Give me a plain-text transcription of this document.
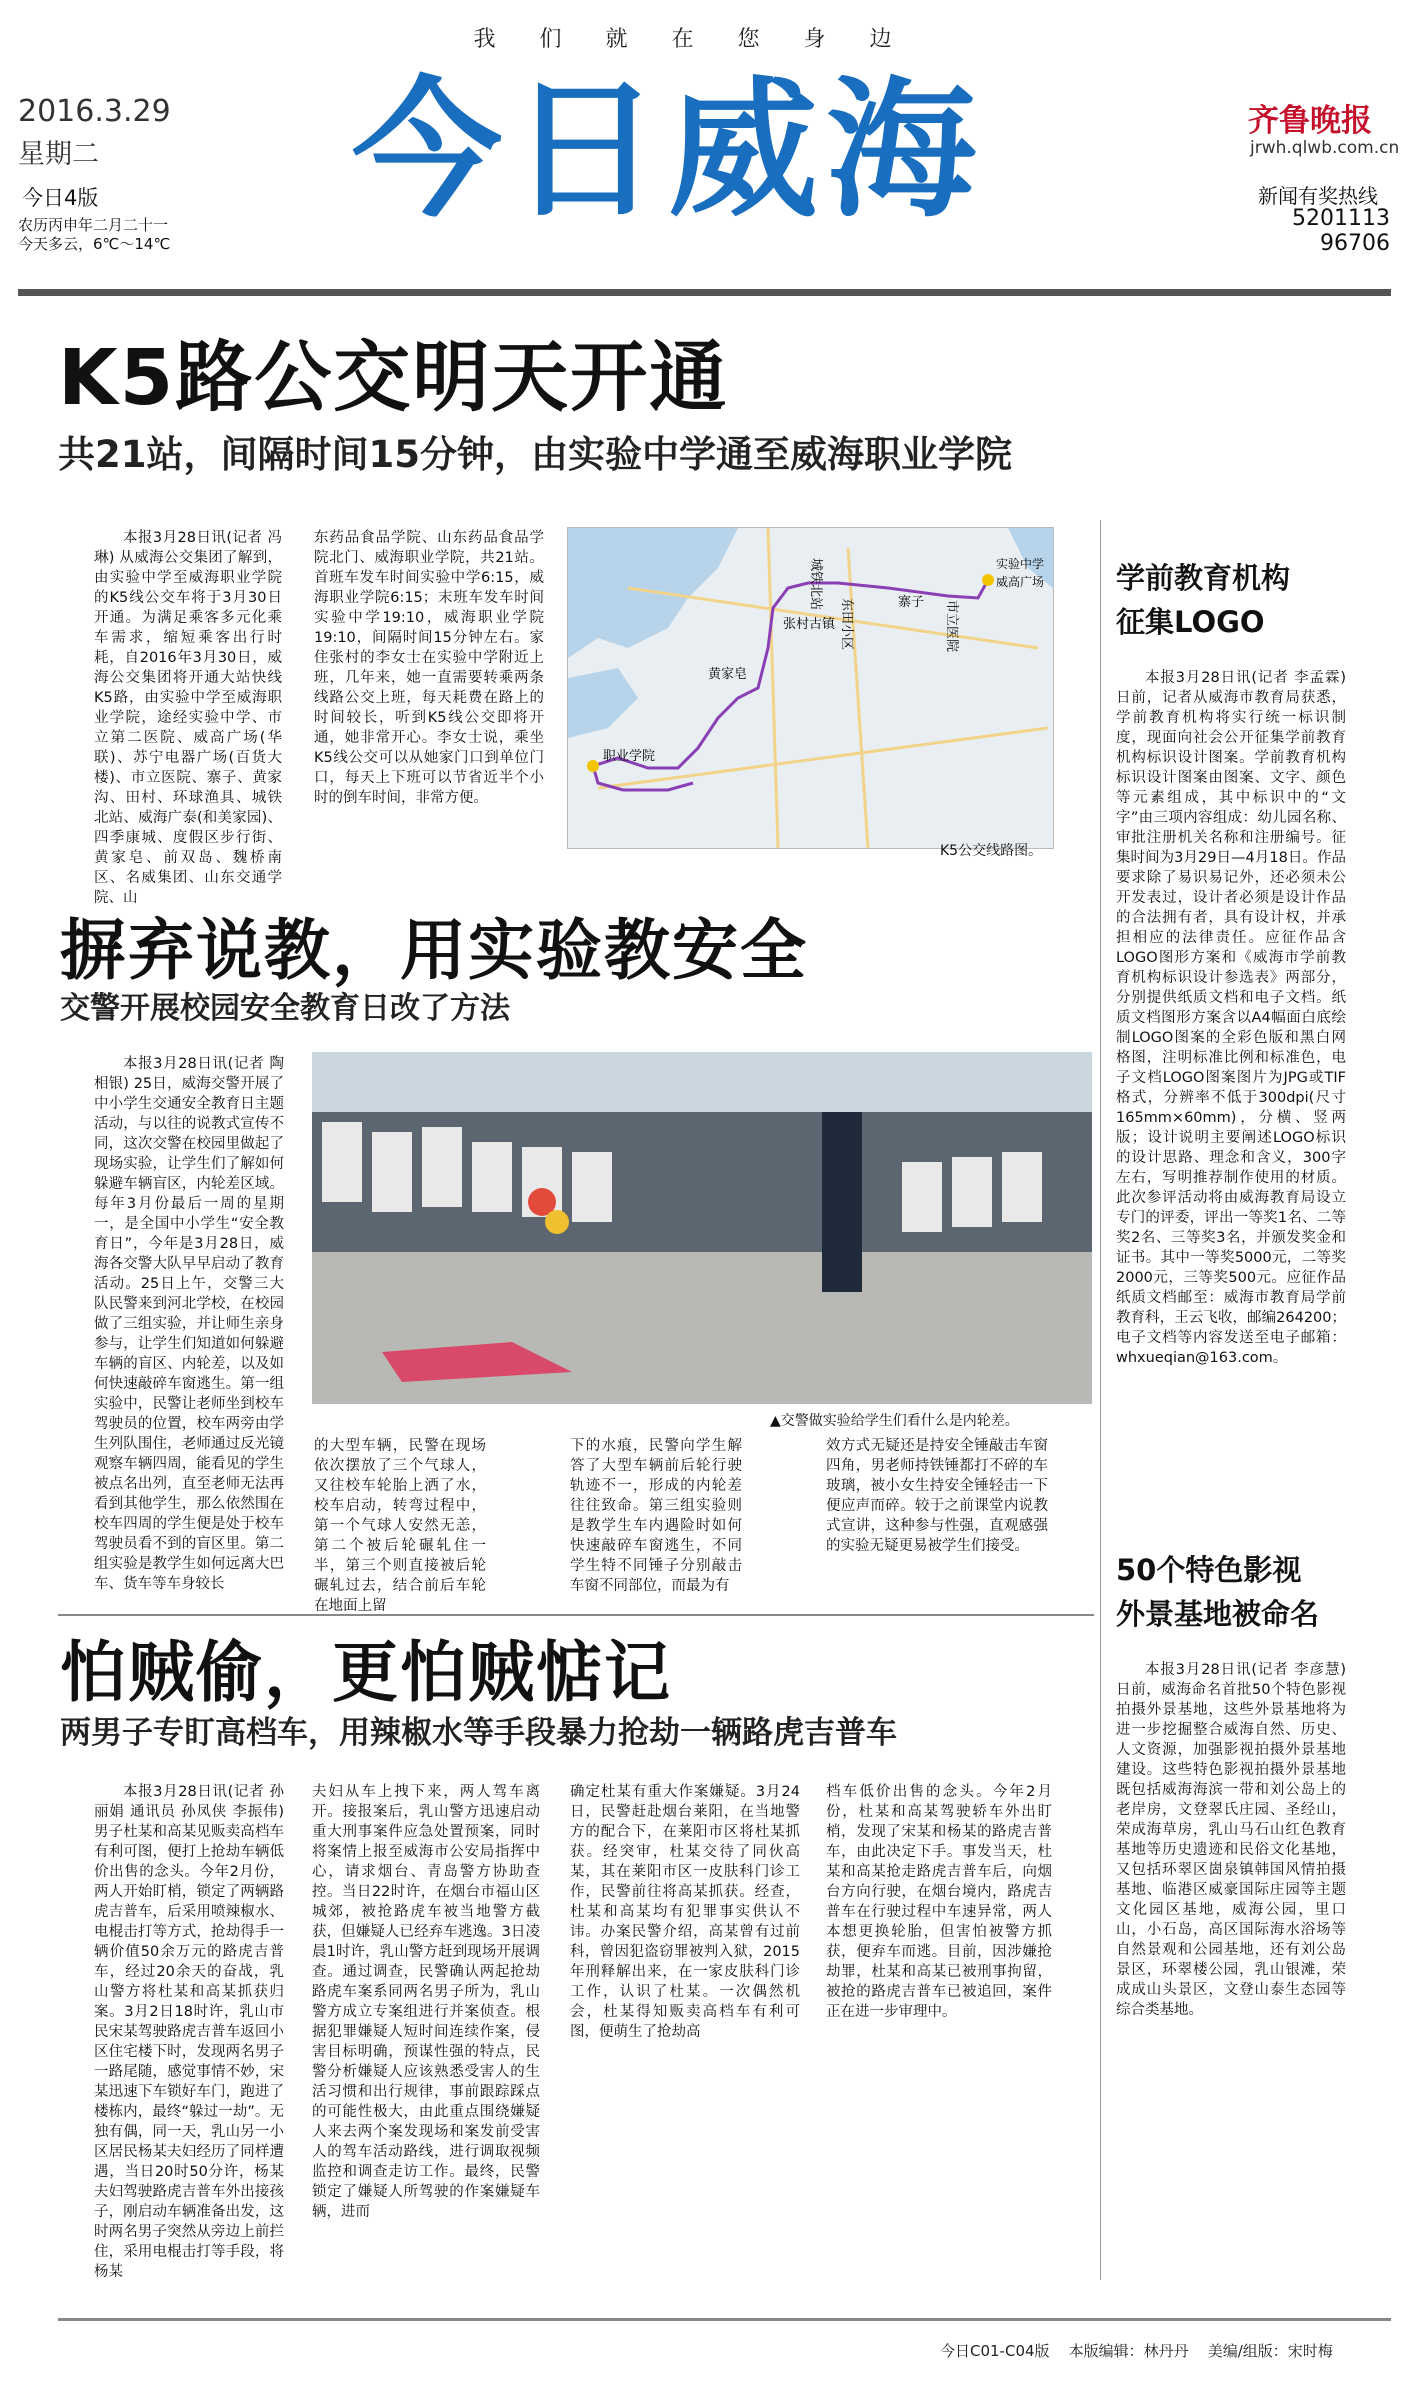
我们就在您身边
2016.3.29
星期二
今日4版
农历丙申年二月二十一
今天多云，6℃～14℃
今日威海	齐鲁晚报
jrwh.qlwb.com.cn
新闻有奖热线
5201113
96706
K5路公交明天开通
共21站，间隔时间15分钟，由实验中学通至威海职业学院

本报3月28日讯(记者 冯琳) 从威海公交集团了解到，由实验中学至威海职业学院的K5线公交车将于3月30日开通。为满足乘客多元化乘车需求，缩短乘客出行时耗，自2016年3月30日，威海公交集团将开通大站快线K5路，由实验中学至威海职业学院，途经实验中学、市立第二医院、威高广场(华联)、苏宁电器广场(百货大楼)、市立医院、寨子、黄家沟、田村、环球渔具、城铁北站、威海广泰(和美家园)、四季康城、度假区步行街、黄家皂、前双岛、魏桥南区、名威集团、山东交通学院、山

东药品食品学院、山东药品食品学院北门、威海职业学院，共21站。首班车发车时间实验中学6:15，威海职业学院6:15；末班车发车时间实验中学19:10，威海职业学院19:10，间隔时间15分钟左右。家住张村的李女士在实验中学附近上班，几年来，她一直需要转乘两条线路公交上班，每天耗费在路上的时间较长，听到K5线公交即将开通，她非常开心。李女士说，乘坐K5线公交可以从她家门口到单位门口，每天上下班可以节省近半个小时的倒车时间，非常方便。

城铁北站
张村古镇 东田小区	寨子 市立医院
实验中学
威高广场
黄家皂
职业学院
K5公交线路图。
摒弃说教，用实验教安全
交警开展校园安全教育日改了方法

本报3月28日讯(记者 陶相银) 25日，威海交警开展了中小学生交通安全教育日主题活动，与以往的说教式宣传不同，这次交警在校园里做起了现场实验，让学生们了解如何躲避车辆盲区，内轮差区域。每年3月份最后一周的星期一，是全国中小学生“安全教育日”，今年是3月28日，威海各交警大队早早启动了教育活动。25日上午，交警三大队民警来到河北学校，在校园做了三组实验，并让师生亲身参与，让学生们知道如何躲避车辆的盲区、内轮差，以及如何快速敲碎车窗逃生。第一组实验中，民警让老师坐到校车驾驶员的位置，校车两旁由学生列队围住，老师通过反光镜观察车辆四周，能看见的学生被点名出列，直至老师无法再看到其他学生，那么依然围在校车四周的学生便是处于校车驾驶员看不到的盲区里。第二组实验是教学生如何远离大巴车、货车等车身较长

▲交警做实验给学生们看什么是内轮差。

的大型车辆，民警在现场依次摆放了三个气球人，又往校车轮胎上洒了水，校车启动，转弯过程中，第一个气球人安然无恙，第二个被后轮碾轧住一半，第三个则直接被后轮碾轧过去，结合前后车轮在地面上留

下的水痕，民警向学生解答了大型车辆前后轮行驶轨迹不一，形成的内轮差往往致命。第三组实验则是教学生车内遇险时如何快速敲碎车窗逃生，不同学生特不同锤子分别敲击车窗不同部位，而最为有

效方式无疑还是持安全锤敲击车窗四角，男老师持铁锤都打不碎的车玻璃，被小女生持安全锤轻击一下便应声而碎。较于之前课堂内说教式宣讲，这种参与性强，直观感强的实验无疑更易被学生们接受。

怕贼偷，更怕贼惦记
两男子专盯高档车，用辣椒水等手段暴力抢劫一辆路虎吉普车

本报3月28日讯(记者 孙丽娟 通讯员 孙凤侠 李振伟) 男子杜某和高某见贩卖高档车有利可图，便打上抢劫车辆低价出售的念头。今年2月份，两人开始盯梢，锁定了两辆路虎吉普车，后采用喷辣椒水、电棍击打等方式，抢劫得手一辆价值50余万元的路虎吉普车，经过20余天的奋战，乳山警方将杜某和高某抓获归案。3月2日18时许，乳山市民宋某驾驶路虎吉普车返回小区住宅楼下时，发现两名男子一路尾随，感觉事情不妙，宋某迅速下车锁好车门，跑进了楼栋内，最终“躲过一劫”。无独有偶，同一天，乳山另一小区居民杨某夫妇经历了同样遭遇，当日20时50分许，杨某夫妇驾驶路虎吉普车外出接孩子，刚启动车辆准备出发，这时两名男子突然从旁边上前拦住，采用电棍击打等手段，将杨某

夫妇从车上拽下来，两人驾车离开。接报案后，乳山警方迅速启动重大刑事案件应急处置预案，同时将案情上报至威海市公安局指挥中心，请求烟台、青岛警方协助查控。当日22时许，在烟台市福山区城郊，被抢路虎车被当地警方截获，但嫌疑人已经弃车逃逸。3日凌晨1时许，乳山警方赶到现场开展调查。通过调查，民警确认两起抢劫路虎车案系同两名男子所为，乳山警方成立专案组进行并案侦查。根据犯罪嫌疑人短时间连续作案，侵害目标明确，预谋性强的特点，民警分析嫌疑人应该熟悉受害人的生活习惯和出行规律，事前跟踪踩点的可能性极大，由此重点围绕嫌疑人来去两个案发现场和案发前受害人的驾车活动路线，进行调取视频监控和调查走访工作。最终，民警锁定了嫌疑人所驾驶的作案嫌疑车辆，进而

确定杜某有重大作案嫌疑。3月24日，民警赶赴烟台莱阳，在当地警方的配合下，在莱阳市区将杜某抓获。经突审，杜某交待了同伙高某，其在莱阳市区一皮肤科门诊工作，民警前往将高某抓获。经查，杜某和高某均有犯罪事实供认不讳。办案民警介绍，高某曾有过前科，曾因犯盗窃罪被判入狱，2015年刑释解出来，在一家皮肤科门诊工作，认识了杜某。一次偶然机会，杜某得知贩卖高档车有利可图，便萌生了抢劫高

档车低价出售的念头。今年2月份，杜某和高某驾驶轿车外出盯梢，发现了宋某和杨某的路虎吉普车，由此决定下手。事发当天，杜某和高某抢走路虎吉普车后，向烟台方向行驶，在烟台境内，路虎吉普车在行驶过程中车速异常，两人本想更换轮胎，但害怕被警方抓获，便弃车而逃。目前，因涉嫌抢劫罪，杜某和高某已被刑事拘留，被抢的路虎吉普车已被追回，案件正在进一步审理中。

学前教育机构
征集LOGO

本报3月28日讯(记者 李孟霖) 日前，记者从威海市教育局获悉，学前教育机构将实行统一标识制度，现面向社会公开征集学前教育机构标识设计图案。学前教育机构标识设计图案由图案、文字、颜色等元素组成，其中标识中的“文字”由三项内容组成：幼儿园名称、审批注册机关名称和注册编号。征集时间为3月29日—4月18日。作品要求除了易识易记外，还必须未公开发表过，设计者必须是设计作品的合法拥有者，具有设计权，并承担相应的法律责任。应征作品含LOGO图形方案和《威海市学前教育机构标识设计参选表》两部分，分别提供纸质文档和电子文档。纸质文档图形方案含以A4幅面白底绘制LOGO图案的全彩色版和黑白网格图，注明标准比例和标准色，电子文档LOGO图案图片为JPG或TIF格式，分辨率不低于300dpi(尺寸165mm×60mm)，分横、竖两版；设计说明主要阐述LOGO标识的设计思路、理念和含义，300字左右，写明推荐制作使用的材质。此次参评活动将由威海教育局设立专门的评委，评出一等奖1名、二等奖2名、三等奖3名，并颁发奖金和证书。其中一等奖5000元，二等奖2000元，三等奖500元。应征作品纸质文档邮至：威海市教育局学前教育科，王云飞收，邮编264200；电子文档等内容发送至电子邮箱：whxueqian@163.com。

50个特色影视
外景基地被命名

本报3月28日讯(记者 李彦慧) 日前，威海命名首批50个特色影视拍摄外景基地，这些外景基地将为进一步挖掘整合威海自然、历史、人文资源，加强影视拍摄外景基地建设。这些特色影视拍摄外景基地既包括威海海滨一带和刘公岛上的老岸房，文登翠氏庄园、圣经山，荣成海草房，乳山马石山红色教育基地等历史遗迹和民俗文化基地，又包括环翠区崮泉镇韩国风情拍摄基地、临港区威豪国际庄园等主题文化园区基地，威海公园，里口山，小石岛，高区国际海水浴场等自然景观和公园基地，还有刘公岛景区，环翠楼公园，乳山银滩，荣成成山头景区，文登山泰生态园等综合类基地。

今日C01-C04版 本版编辑：林丹丹 美编/组版：宋时梅
